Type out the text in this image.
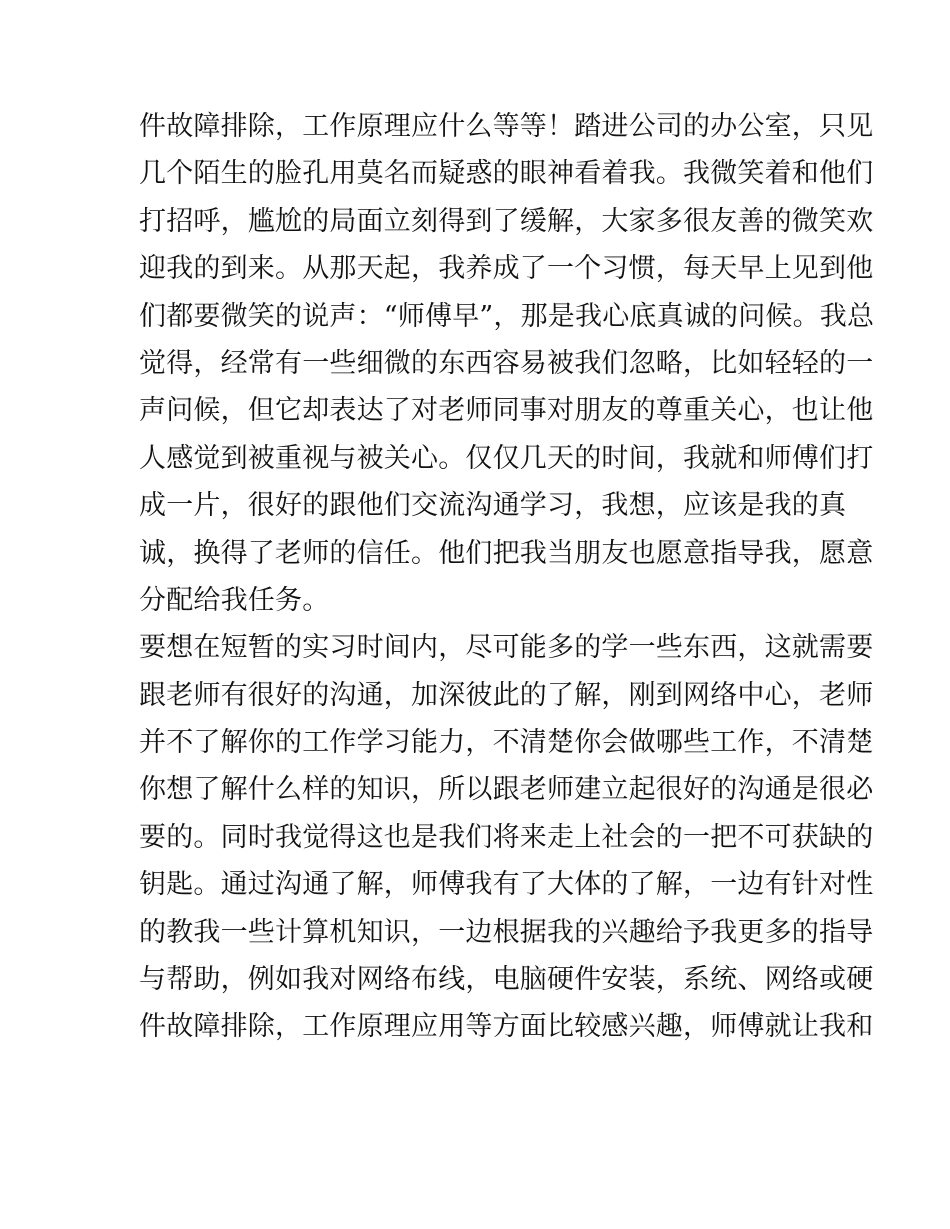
件故障排除，工作原理应什么等等！踏进公司的办公室，只见
几个陌生的脸孔用莫名而疑惑的眼神看着我。我微笑着和他们
打招呼，尴尬的局面立刻得到了缓解，大家多很友善的微笑欢
迎我的到来。从那天起，我养成了一个习惯，每天早上见到他
们都要微笑的说声：“师傅早”，那是我心底真诚的问候。我总
觉得，经常有一些细微的东西容易被我们忽略，比如轻轻的一
声问候，但它却表达了对老师同事对朋友的尊重关心，也让他
人感觉到被重视与被关心。仅仅几天的时间，我就和师傅们打
成一片，很好的跟他们交流沟通学习，我想，应该是我的真
诚，换得了老师的信任。他们把我当朋友也愿意指导我，愿意
分配给我任务。
要想在短暂的实习时间内，尽可能多的学一些东西，这就需要
跟老师有很好的沟通，加深彼此的了解，刚到网络中心，老师
并不了解你的工作学习能力，不清楚你会做哪些工作，不清楚
你想了解什么样的知识，所以跟老师建立起很好的沟通是很必
要的。同时我觉得这也是我们将来走上社会的一把不可获缺的
钥匙。通过沟通了解，师傅我有了大体的了解，一边有针对性
的教我一些计算机知识，一边根据我的兴趣给予我更多的指导
与帮助，例如我对网络布线，电脑硬件安装，系统、网络或硬
件故障排除，工作原理应用等方面比较感兴趣，师傅就让我和
